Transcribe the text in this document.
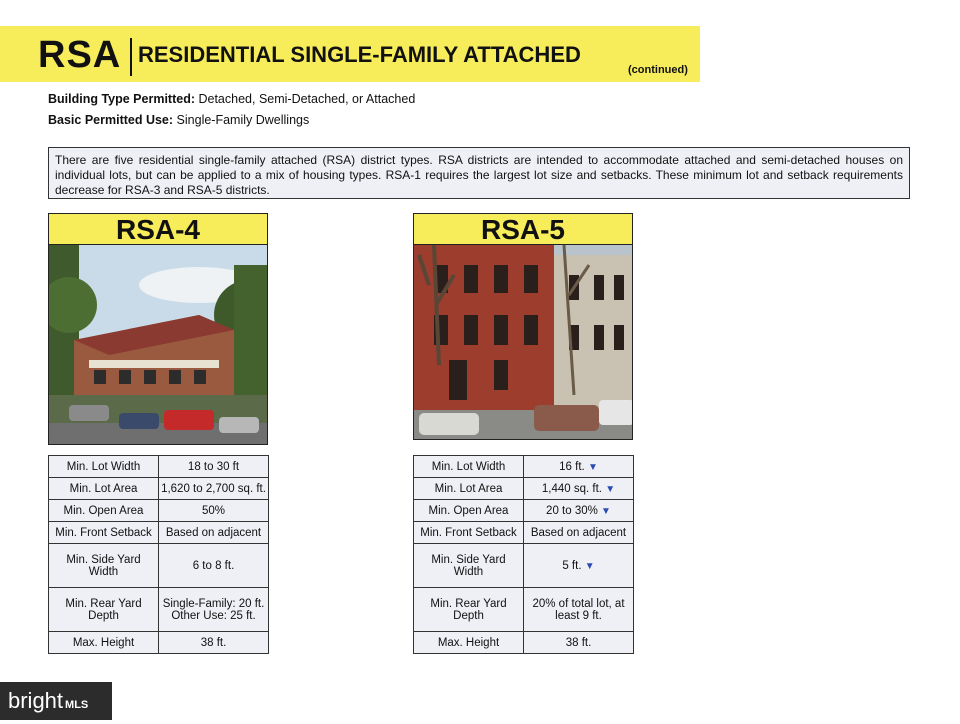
RSA RESIDENTIAL SINGLE-FAMILY ATTACHED
(continued)
Building Type Permitted: Detached, Semi-Detached, or Attached
Basic Permitted Use: Single-Family Dwellings
There are five residential single-family attached (RSA) district types. RSA districts are intended to accommodate attached and semi-detached houses on individual lots, but can be applied to a mix of housing types. RSA-1 requires the largest lot size and setbacks. These minimum lot and setback requirements decrease for RSA-3 and RSA-5 districts.
RSA-4	RSA-5
Min. Lot Width	18 to 30 ft
Min. Lot Area	1,620 to 2,700 sq. ft.
Min. Open Area	50%
Min. Front Setback	Based on adjacent
Min. Side Yard Width	6 to 8 ft.
Min. Rear Yard Depth	Single-Family: 20 ft. Other Use: 25 ft.
Max. Height	38 ft.
Min. Lot Width	16 ft. ▼
Min. Lot Area	1,440 sq. ft. ▼
Min. Open Area	20 to 30% ▼
Min. Front Setback	Based on adjacent
Min. Side Yard Width	5 ft. ▼
Min. Rear Yard Depth	20% of total lot, at least 9 ft.
Max. Height	38 ft.
bright MLS
